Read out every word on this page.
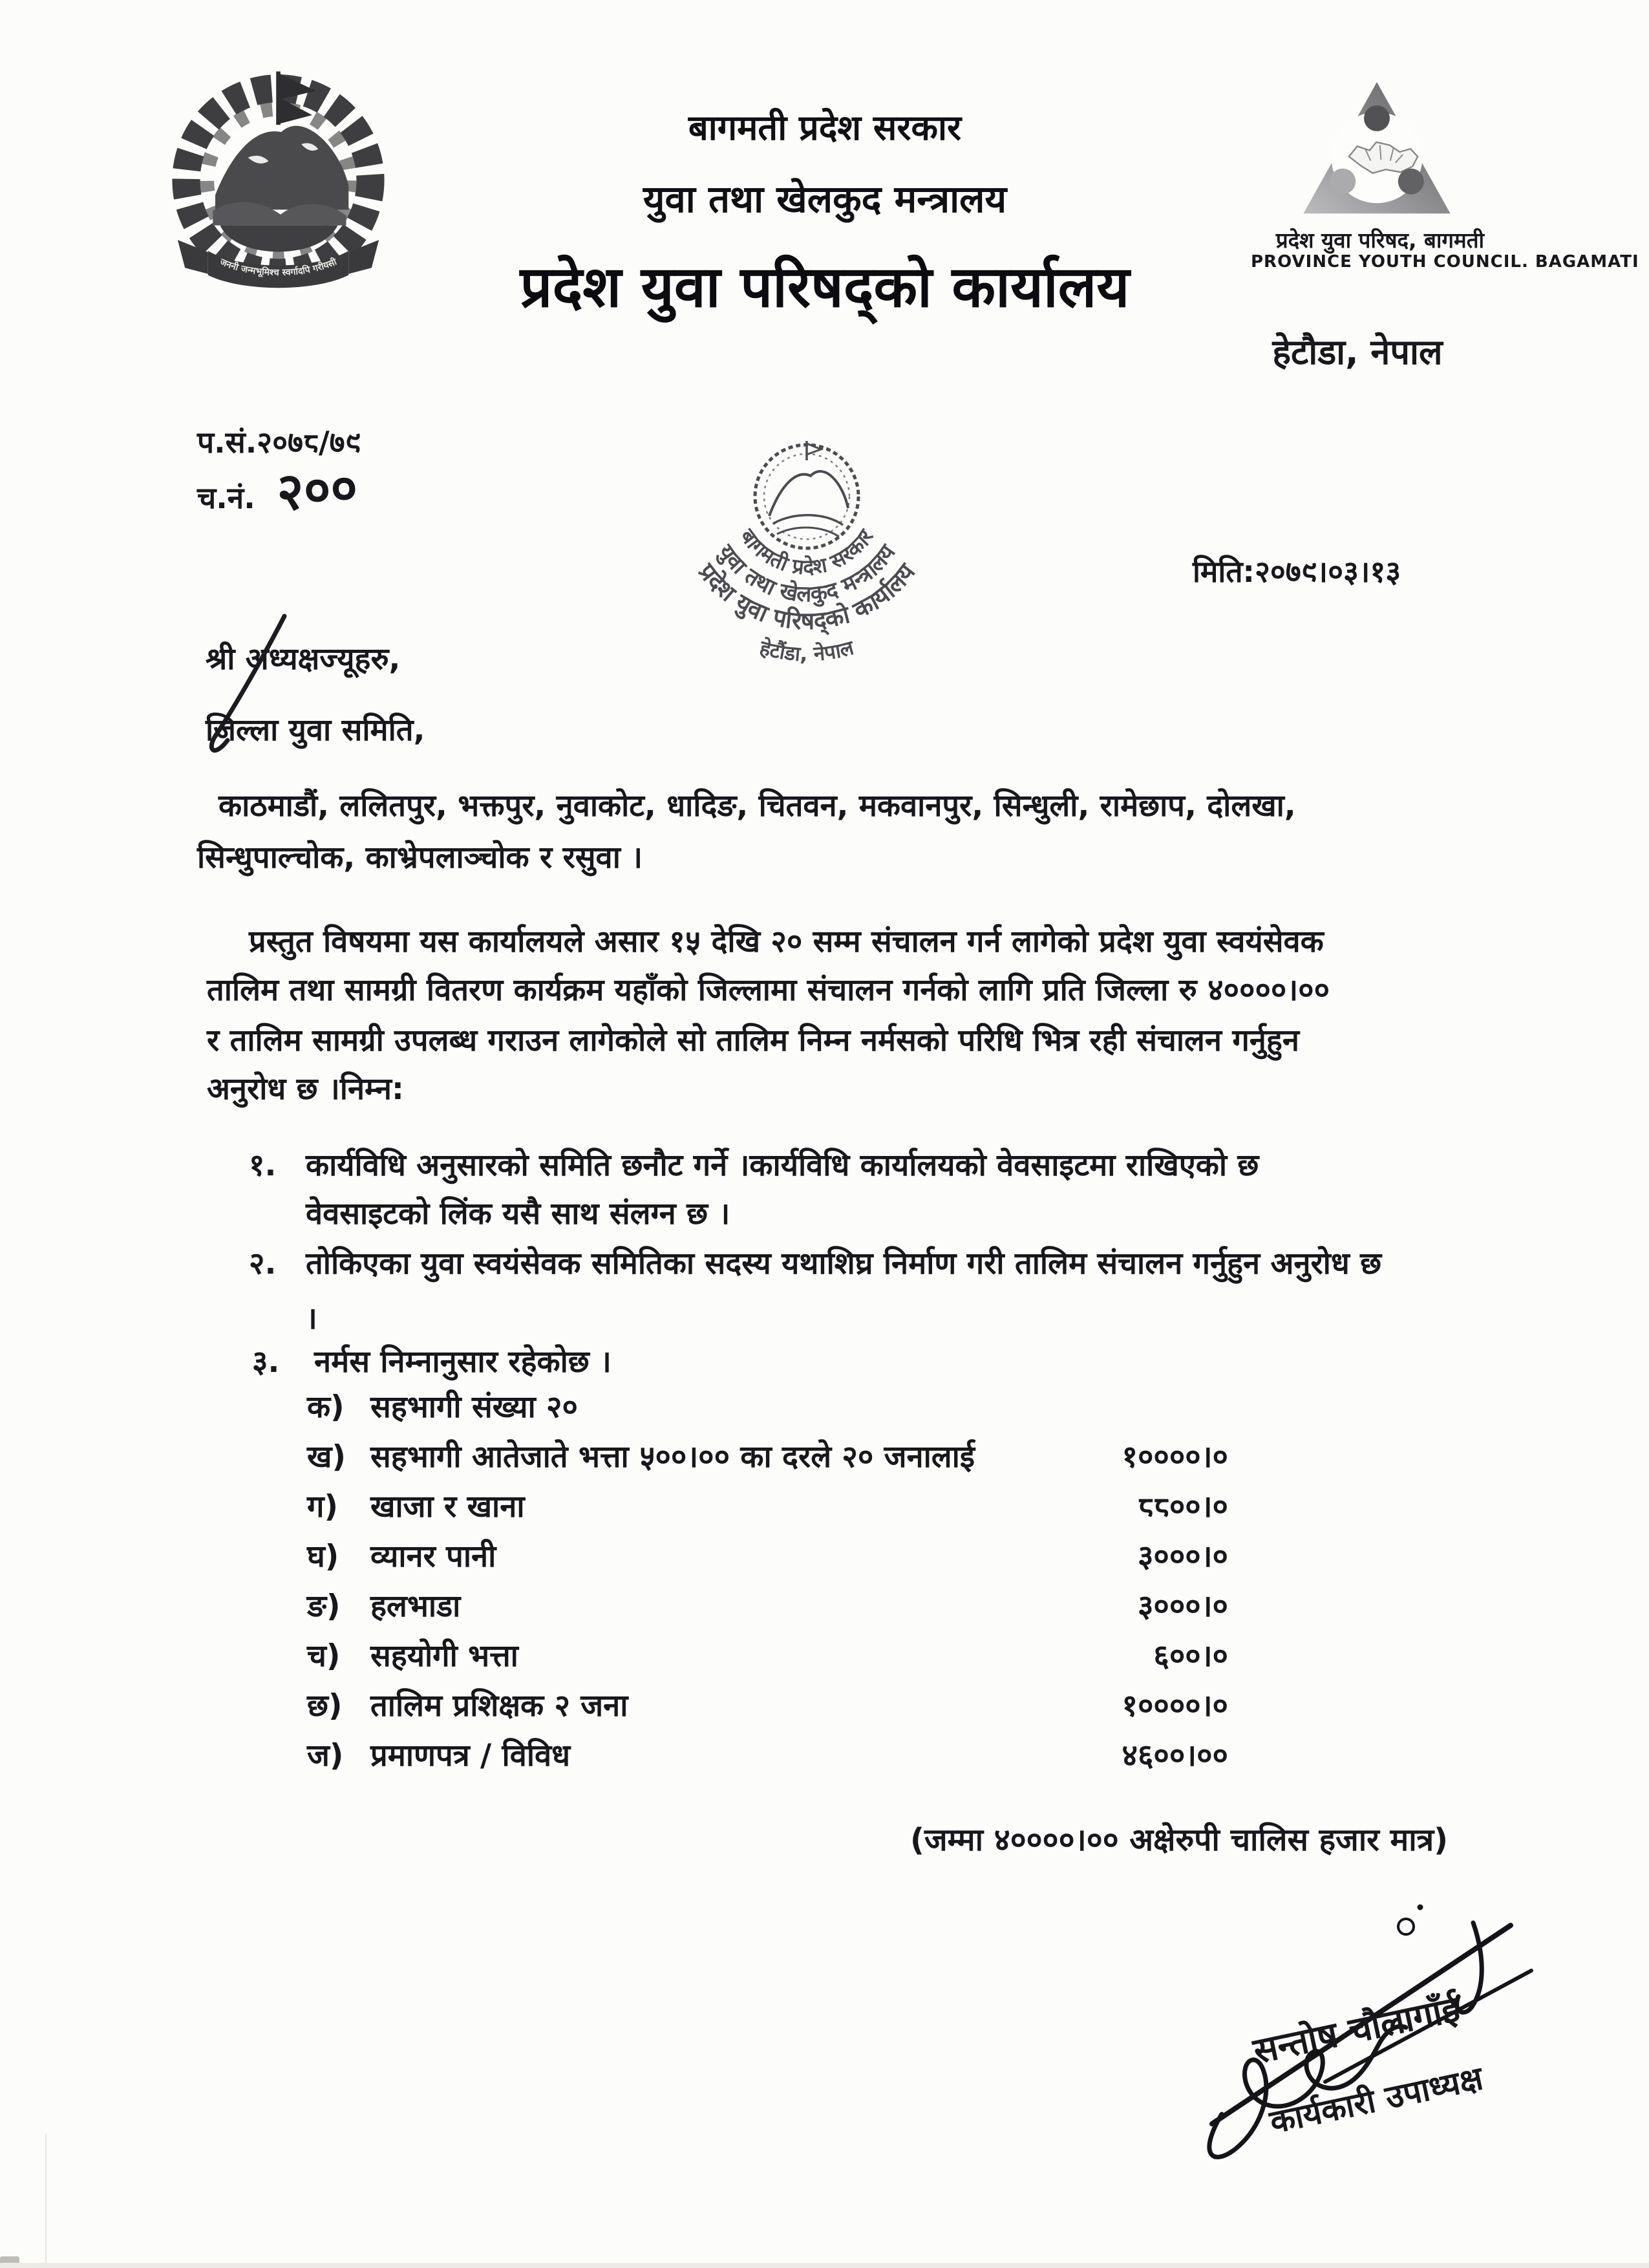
जननी जन्मभूमिश्च स्वर्गादपि गरीयसी
बागमती प्रदेश सरकार
युवा तथा खेलकुद मन्त्रालय
प्रदेश युवा परिषद्को कार्यालय
हेटौडा, नेपाल
प्रदेश युवा परिषद, बागमती
PROVINCE YOUTH COUNCIL. BAGAMATI
प.सं.२०७८/७९
च.नं. २००
बागमती प्रदेश सरकार
युवा तथा खेलकुद मन्त्रालय
प्रदेश युवा परिषद्को कार्यालय
हेटौंडा, नेपाल
मिति:२०७९।०३।१३
श्री अध्यक्षज्यूहरु,
जिल्ला युवा समिति,
काठमाडौं, ललितपुर, भक्तपुर, नुवाकोट, धादिङ, चितवन, मकवानपुर, सिन्धुली, रामेछाप, दोलखा,
सिन्धुपाल्चोक, काभ्रेपलाञ्चोक र रसुवा ।
प्रस्तुत विषयमा यस कार्यालयले असार १५ देखि २० सम्म संचालन गर्न लागेको प्रदेश युवा स्वयंसेवक
तालिम तथा सामग्री वितरण कार्यक्रम यहाँको जिल्लामा संचालन गर्नको लागि प्रति जिल्ला रु ४००००।००
र तालिम सामग्री उपलब्ध गराउन लागेकोले सो तालिम निम्न नर्मसको परिधि भित्र रही संचालन गर्नुहुन
अनुरोध छ ।निम्न:
१. कार्यविधि अनुसारको समिति छनौट गर्ने ।कार्यविधि कार्यालयको वेवसाइटमा राखिएको छ
वेवसाइटको लिंक यसै साथ संलग्न छ ।
२. तोकिएका युवा स्वयंसेवक समितिका सदस्य यथाशिघ्र निर्माण गरी तालिम संचालन गर्नुहुन अनुरोध छ
।
३.	नर्मस निम्नानुसार रहेकोछ ।
क) सहभागी संख्या २०
ख) सहभागी आतेजाते भत्ता ५००।०० का दरले २० जनालाई	१००००।०
ग)	खाजा र खाना	८८००।०
घ)	व्यानर पानी	३०००।०
ङ) हलभाडा	३०००।०
च) सहयोगी भत्ता	६००।०
छ) तालिम प्रशिक्षक २ जना	१००००।०
ज) प्रमाणपत्र / विविध	४६००।००
(जम्मा ४००००।०० अक्षेरुपी चालिस हजार मात्र)
सन्तोष चौलागाँई
कार्यकारी उपाध्यक्ष
